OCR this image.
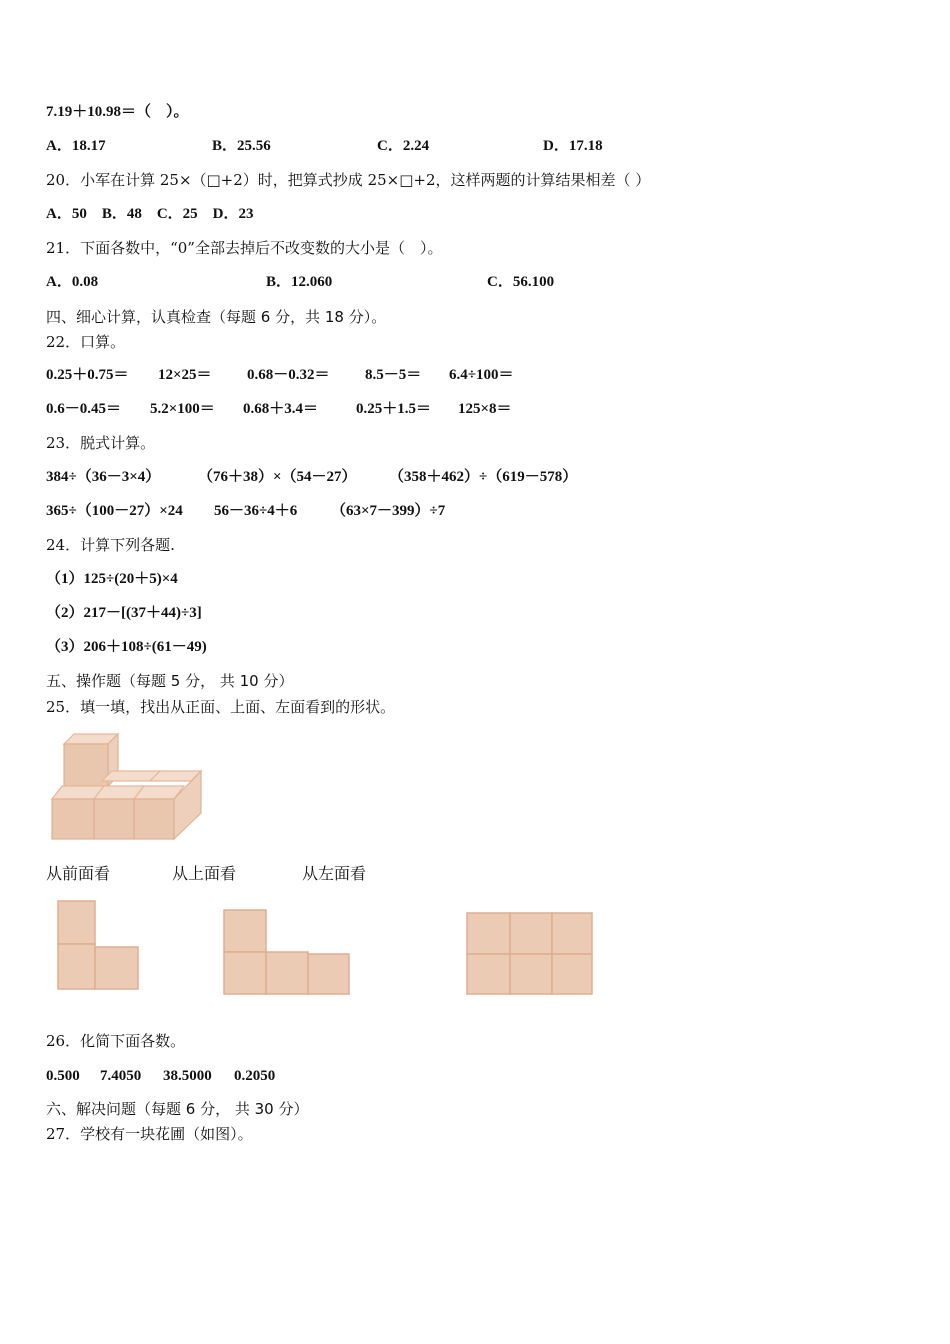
7.19＋10.98＝（　）。
A．18.17	B．25.56	C．2.24	D．17.18
20．小军在计算 25×（□+2）时，把算式抄成 25×□+2，这样两题的计算结果相差（ ）
A．50　B．48　C．25　D．23
21．下面各数中，“0”全部去掉后不改变数的大小是（　）。
A．0.08	B．12.060	C．56.100
四、细心计算，认真检查（每题 6 分，共 18 分）。
22．口算。
0.25＋0.75＝ 12×25＝ 0.68－0.32＝ 8.5－5＝ 6.4÷100＝
0.6－0.45＝ 5.2×100＝ 0.68＋3.4＝	0.25＋1.5＝ 125×8＝
23．脱式计算。
384÷（36－3×4）	（76＋38）×（54－27） （358＋462）÷（619－578）
365÷（100－27）×24 56－36÷4＋6 （63×7－399）÷7
24．计算下列各题.
（1）125÷(20＋5)×4
（2）217－[(37＋44)÷3]
（3）206＋108÷(61－49)
五、操作题（每题 5 分， 共 10 分）
25．填一填，找出从正面、上面、左面看到的形状。
从前面看	从上面看	从左面看
26．化简下面各数。
0.500 7.4050 38.5000 0.2050
六、解决问题（每题 6 分， 共 30 分）
27．学校有一块花圃（如图）。
